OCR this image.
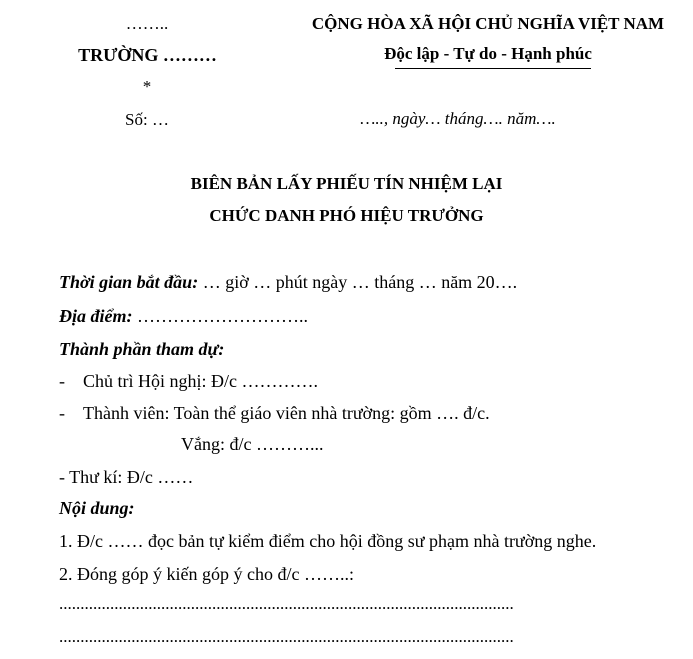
……..
TRƯỜNG ………
*
Số: …
CỘNG HÒA XÃ HỘI CHỦ NGHĨA VIỆT NAM
Độc lập - Tự do - Hạnh phúc
….., ngày… tháng…. năm….
BIÊN BẢN LẤY PHIẾU TÍN NHIỆM LẠI
CHỨC DANH PHÓ HIỆU TRƯỞNG
Thời gian bắt đầu: … giờ … phút ngày … tháng … năm 20….
Địa điểm: ………………………..
Thành phần tham dự:
- Chủ trì Hội nghị: Đ/c ………….
- Thành viên: Toàn thể giáo viên nhà trường: gồm …. đ/c.
Vắng: đ/c ………...
- Thư kí: Đ/c ……
Nội dung:
1. Đ/c …… đọc bản tự kiểm điểm cho hội đồng sư phạm nhà trường nghe.
2. Đóng góp ý kiến góp ý cho đ/c ……..:
...........................................................................................................
...........................................................................................................
